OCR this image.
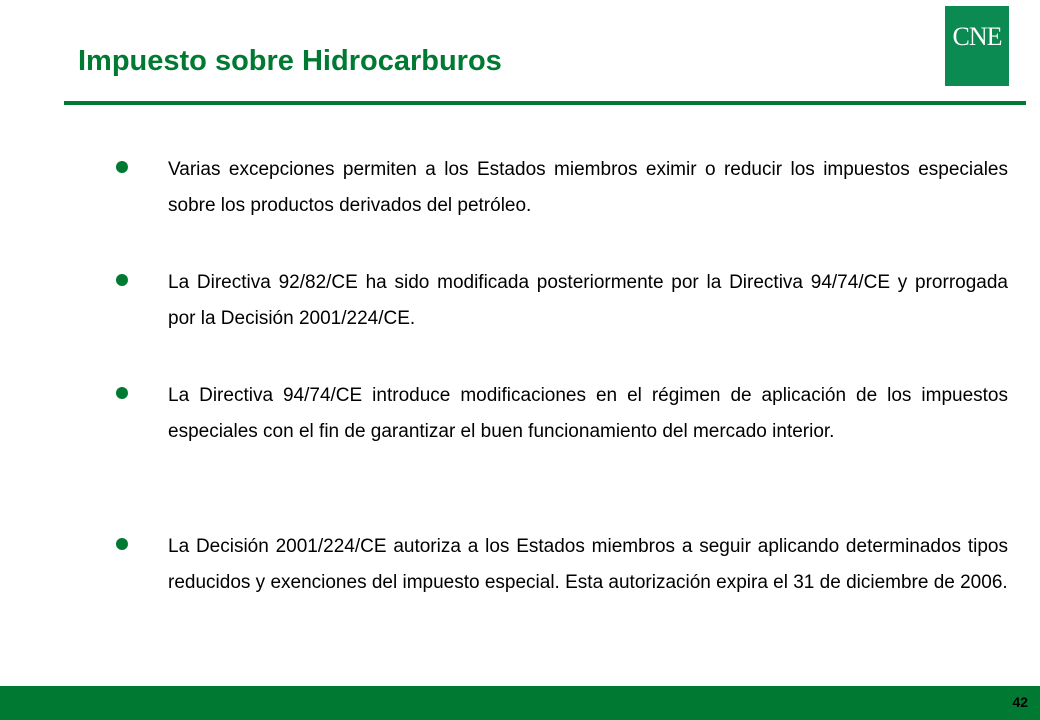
Impuesto sobre Hidrocarburos
CNE
Varias excepciones permiten a los Estados miembros eximir o reducir los impuestos especiales sobre los productos derivados del petróleo.
La Directiva 92/82/CE ha sido modificada posteriormente por la Directiva 94/74/CE y prorrogada por la Decisión 2001/224/CE.
La Directiva 94/74/CE introduce modificaciones en el régimen de aplicación de los impuestos especiales con el fin de garantizar el buen funcionamiento del mercado interior.
La Decisión 2001/224/CE autoriza a los Estados miembros a seguir aplicando determinados tipos reducidos y exenciones del impuesto especial. Esta autorización expira el 31 de diciembre de 2006.
42
